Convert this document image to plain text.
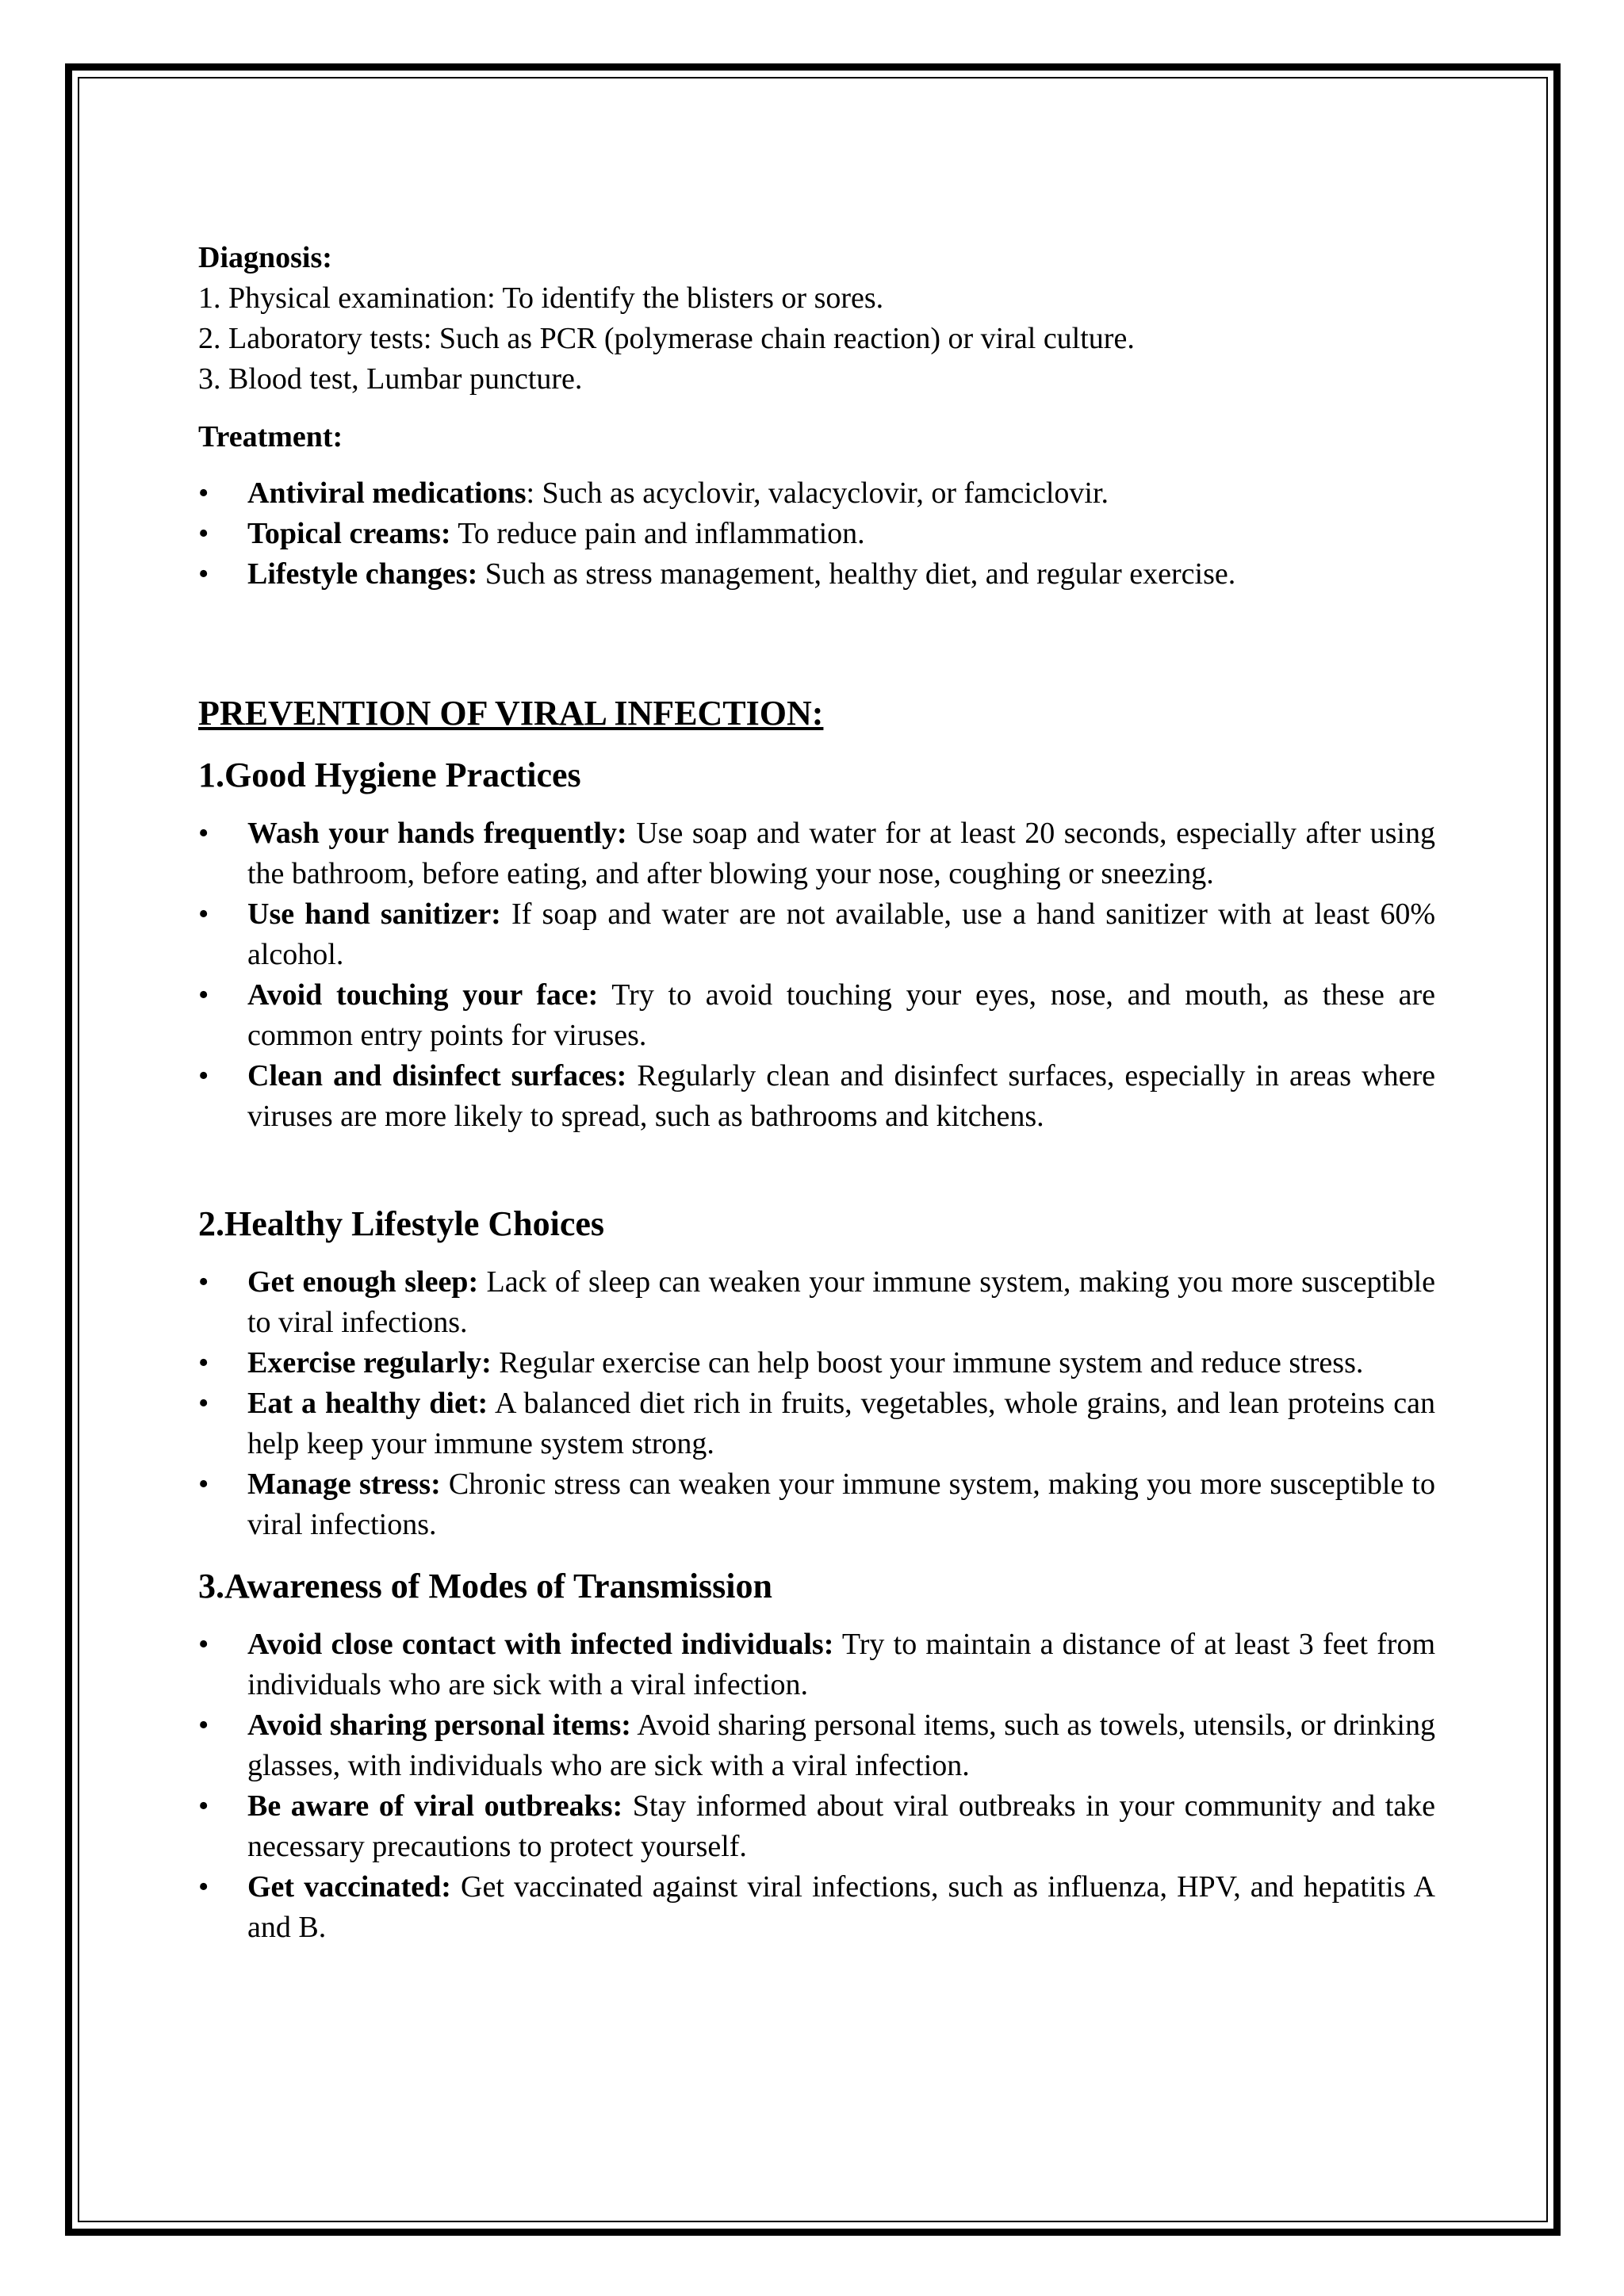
Diagnosis:

1. Physical examination: To identify the blisters or sores.

2. Laboratory tests: Such as PCR (polymerase chain reaction) or viral culture.

3. Blood test, Lumbar puncture.

Treatment:

• Antiviral medications: Such as acyclovir, valacyclovir, or famciclovir.
• Topical creams: To reduce pain and inflammation.
• Lifestyle changes: Such as stress management, healthy diet, and regular exercise.
PREVENTION OF VIRAL INFECTION:
1.Good Hygiene Practices
• Wash your hands frequently: Use soap and water for at least 20 seconds, especially after using the bathroom, before eating, and after blowing your nose, coughing or sneezing.
• Use hand sanitizer: If soap and water are not available, use a hand sanitizer with at least 60% alcohol.
• Avoid touching your face: Try to avoid touching your eyes, nose, and mouth, as these are common entry points for viruses.
• Clean and disinfect surfaces: Regularly clean and disinfect surfaces, especially in areas where viruses are more likely to spread, such as bathrooms and kitchens.
2.Healthy Lifestyle Choices
• Get enough sleep: Lack of sleep can weaken your immune system, making you more susceptible to viral infections.
• Exercise regularly: Regular exercise can help boost your immune system and reduce stress.
• Eat a healthy diet: A balanced diet rich in fruits, vegetables, whole grains, and lean proteins can help keep your immune system strong.
• Manage stress: Chronic stress can weaken your immune system, making you more susceptible to viral infections.
3.Awareness of Modes of Transmission
• Avoid close contact with infected individuals: Try to maintain a distance of at least 3 feet from individuals who are sick with a viral infection.
• Avoid sharing personal items: Avoid sharing personal items, such as towels, utensils, or drinking glasses, with individuals who are sick with a viral infection.
• Be aware of viral outbreaks: Stay informed about viral outbreaks in your community and take necessary precautions to protect yourself.
• Get vaccinated: Get vaccinated against viral infections, such as influenza, HPV, and hepatitis A and B.
